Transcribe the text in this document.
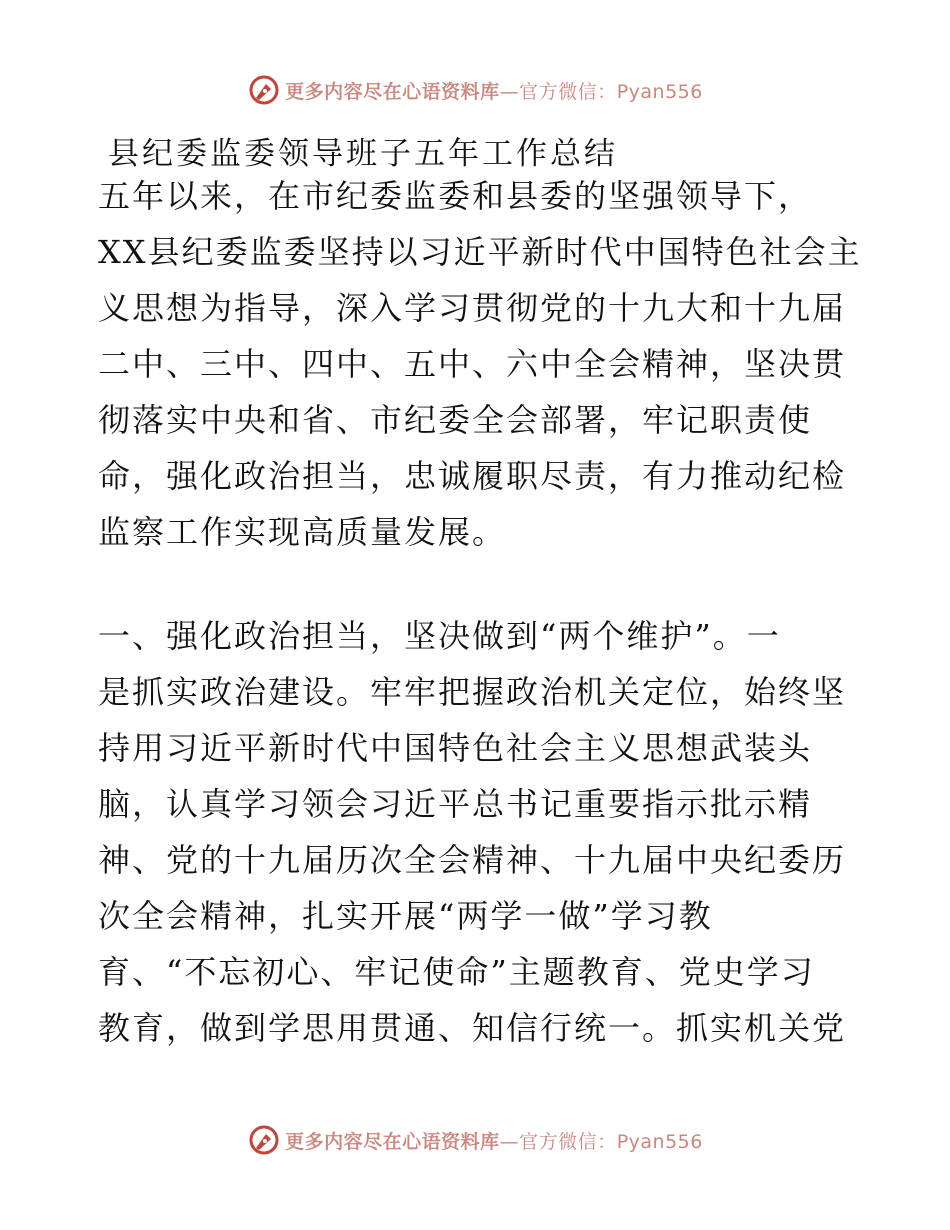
更多内容尽在心语资料库—官方微信：Pyan556
县纪委监委领导班子五年工作总结
五年以来，在市纪委监委和县委的坚强领导下，
XX县纪委监委坚持以习近平新时代中国特色社会主
义思想为指导，深入学习贯彻党的十九大和十九届
二中、三中、四中、五中、六中全会精神，坚决贯
彻落实中央和省、市纪委全会部署，牢记职责使
命，强化政治担当，忠诚履职尽责，有力推动纪检
监察工作实现高质量发展。
一、强化政治担当，坚决做到“两个维护”。一
是抓实政治建设。牢牢把握政治机关定位，始终坚
持用习近平新时代中国特色社会主义思想武装头
脑，认真学习领会习近平总书记重要指示批示精
神、党的十九届历次全会精神、十九届中央纪委历
次全会精神，扎实开展“两学一做”学习教
育、“不忘初心、牢记使命”主题教育、党史学习
教育，做到学思用贯通、知信行统一。抓实机关党
更多内容尽在心语资料库—官方微信：Pyan556
